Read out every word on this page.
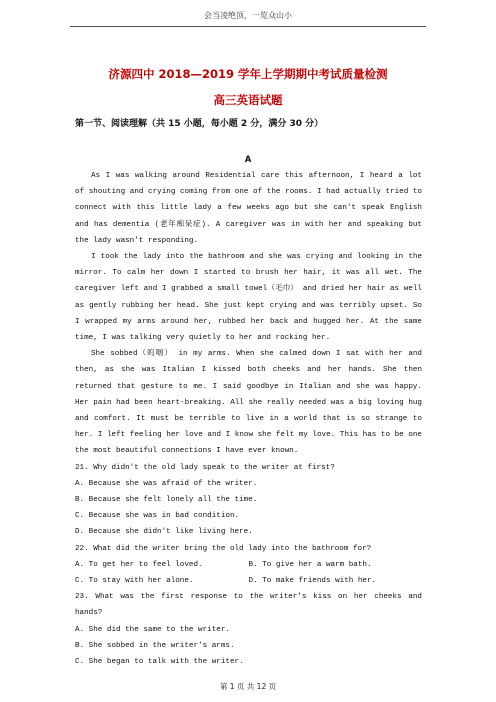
会当凌绝顶，一览众山小
济源四中 2018—2019 学年上学期期中考试质量检测
高三英语试题
第一节、阅读理解（共 15 小题，每小题 2 分，满分 30 分）
A

As I was walking around Residential care this afternoon, I heard a lot of shouting and crying coming from one of the rooms. I had actually tried to connect with this little lady a few weeks ago but she can't speak English and has dementia (老年痴呆症). A caregiver was in with her and speaking but the lady wasn't responding.

I took the lady into the bathroom and she was crying and looking in the mirror. To calm her down I started to brush her hair, it was all wet. The caregiver left and I grabbed a small towel（毛巾） and dried her hair as well as gently rubbing her head. She just kept crying and was terribly upset. So I wrapped my arms around her, rubbed her back and hugged her. At the same time, I was talking very quietly to her and rocking her.

She sobbed（呜咽） in my arms. When she calmed down I sat with her and then, as she was Italian I kissed both cheeks and her hands. She then returned that gesture to me. I said goodbye in Italian and she was happy. Her pain had been heart-breaking. All she really needed was a big loving hug and comfort. It must be terrible to live in a world that is so strange to her. I left feeling her love and I know she felt my love. This has to be one the most beautiful connections I have ever known.

21. Why didn't the old lady speak to the writer at first?

A. Because she was afraid of the writer.

B. Because she felt lonely all the time.

C. Because she was in bad condition.

D. Because she didn't like living here.

22. What did the writer bring the old lady into the bathroom for?

A. To get her to feel loved.	B. To give her a warm bath.
C. To stay with her alone.	D. To make friends with her.

23. What was the first response to the writer's kiss on her cheeks and hands?

A. She did the same to the writer.

B. She sobbed in the writer's arms.

C. She began to talk with the writer.

第 1 页 共 12 页
